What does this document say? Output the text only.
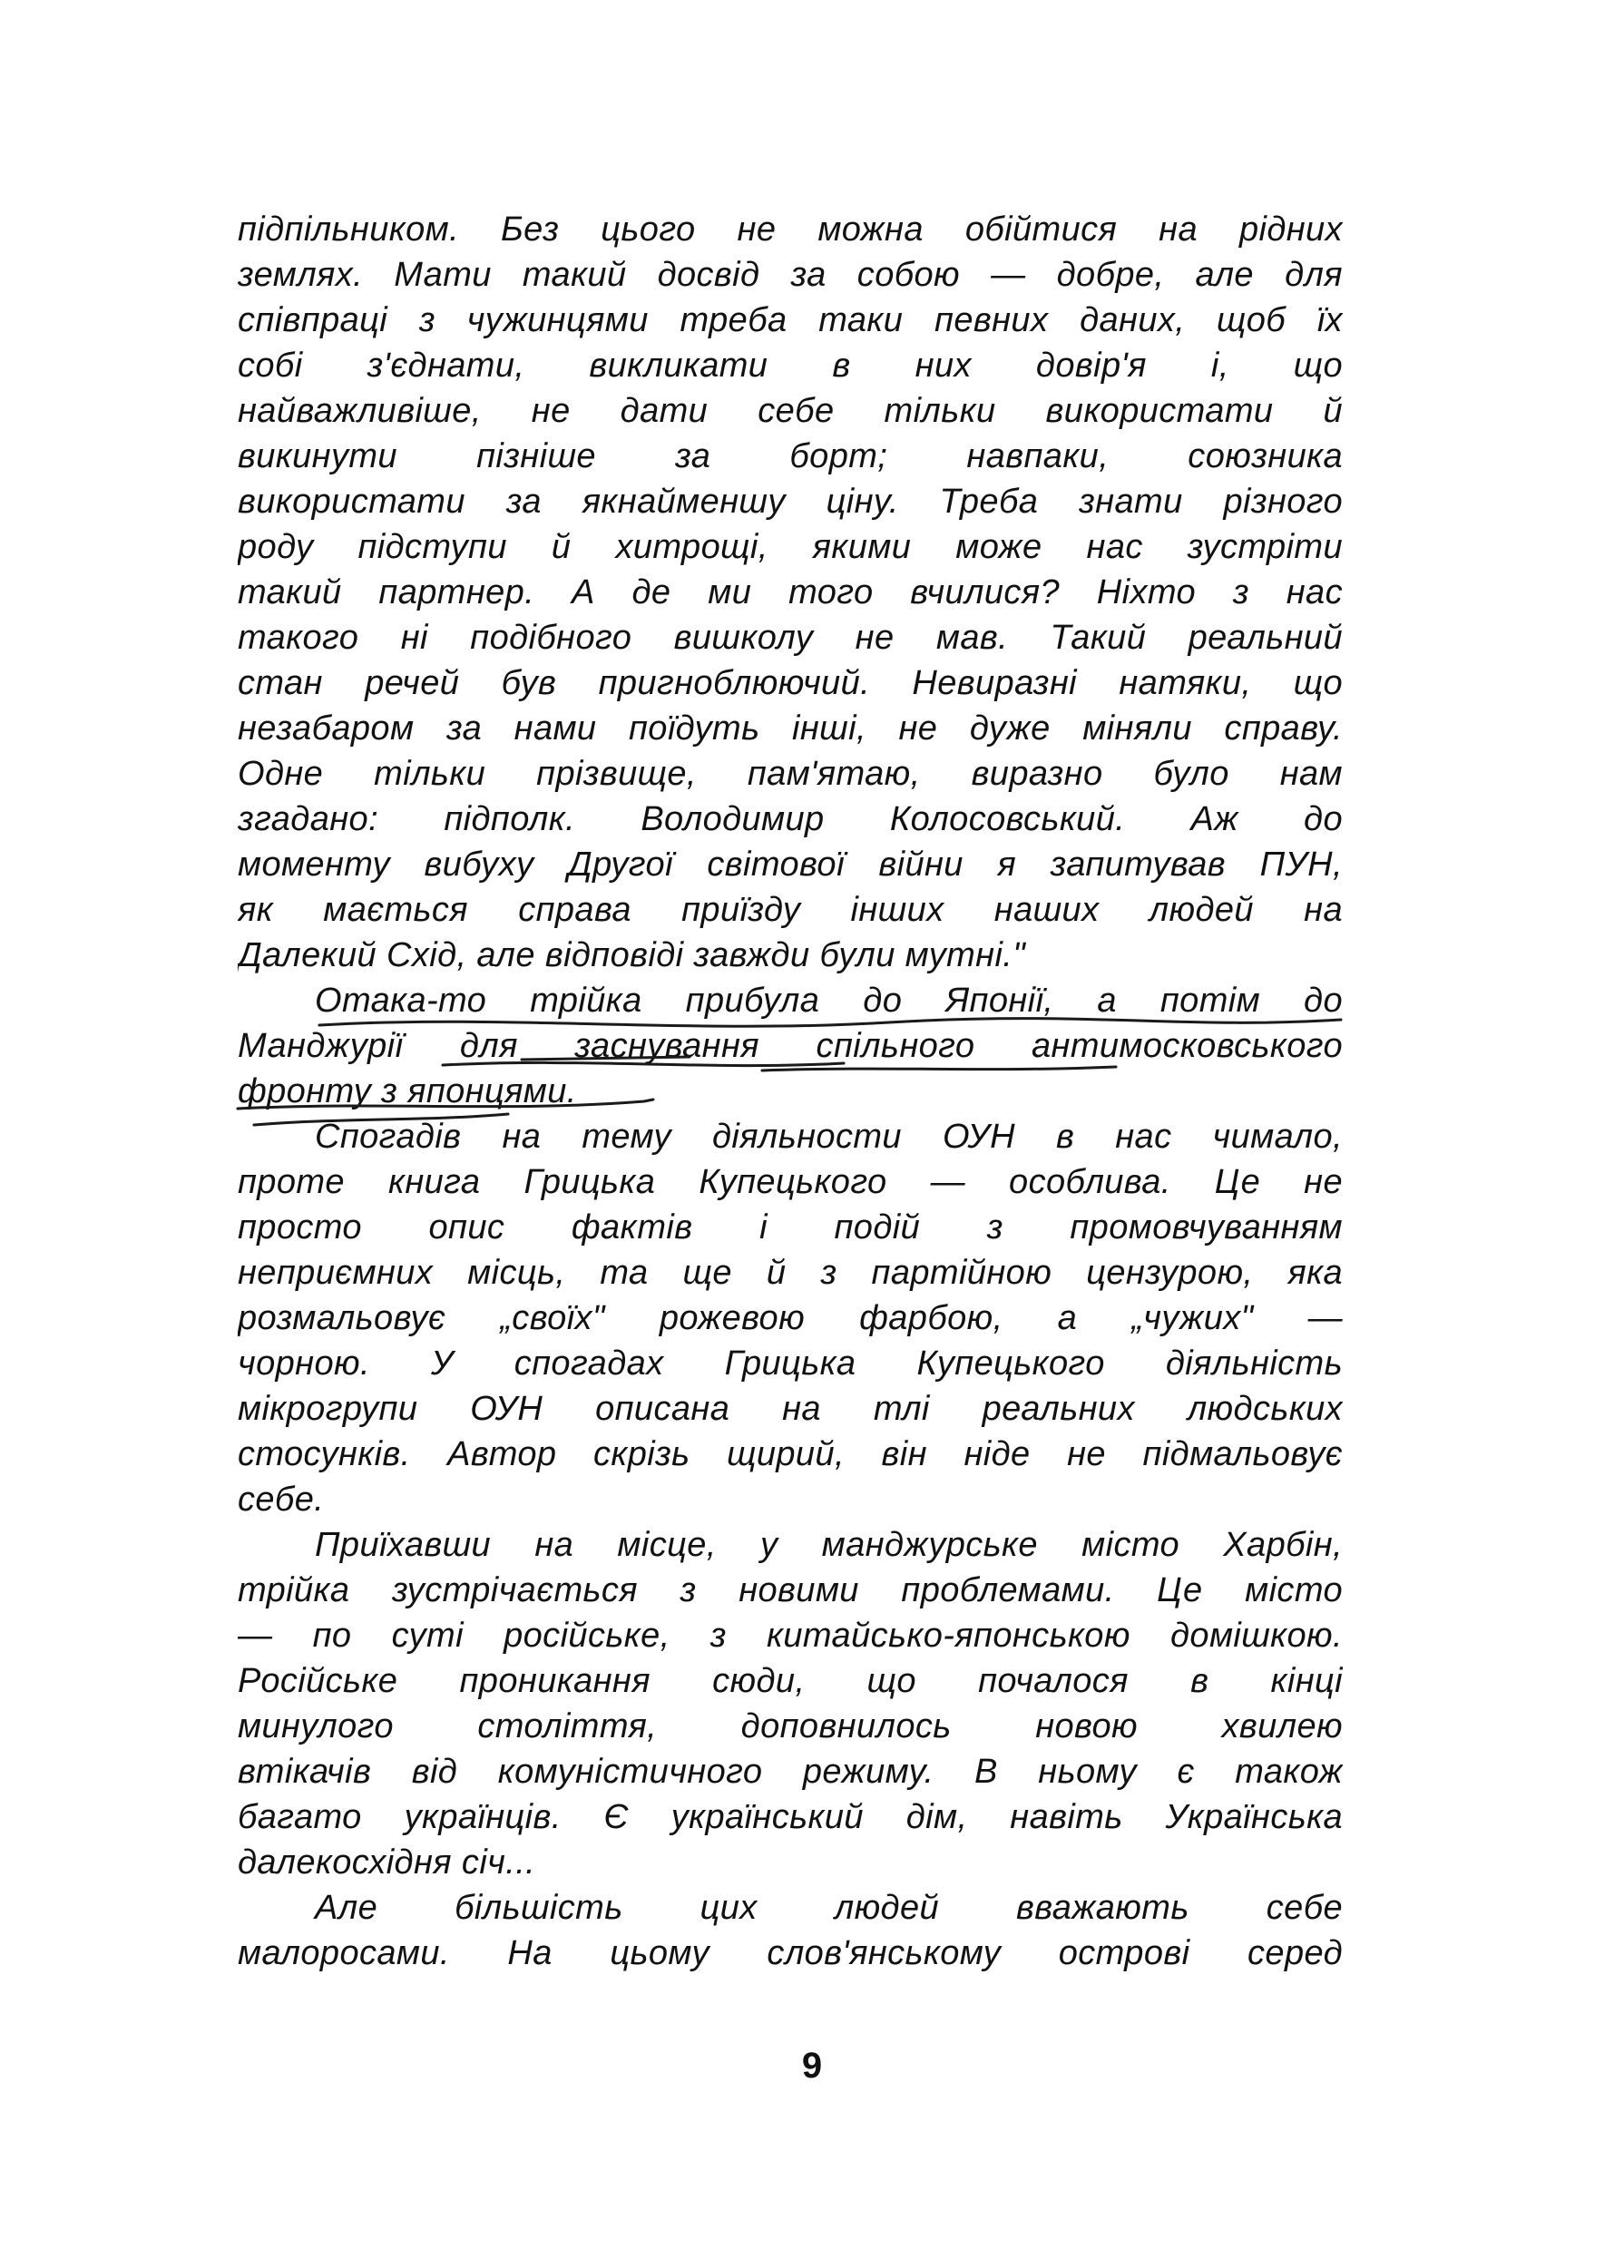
підпільником. Без цього не можна обійтися на рідних
землях. Мати такий досвід за собою — добре, але для
співпраці з чужинцями треба таки певних даних, щоб їх
собі з'єднати, викликати в них довір'я і, що
найважливіше, не дати себе тільки використати й
викинути пізніше за борт; навпаки, союзника
використати за якнайменшу ціну. Треба знати різного
роду підступи й хитрощі, якими може нас зустріти
такий партнер. А де ми того вчилися? Ніхто з нас
такого ні подібного вишколу не мав. Такий реальний
стан речей був пригноблюючий. Невиразні натяки, що
незабаром за нами поїдуть інші, не дуже міняли справу.
Одне тільки прізвище, пам'ятаю, виразно було нам
згадано: підполк. Володимир Колосовський. Аж до
моменту вибуху Другої світової війни я запитував ПУН,
як мається справа приїзду інших наших людей на
Далекий Схід, але відповіді завжди були мутні."
Отака-то трійка прибула до Японії, а потім до
Манджурії для заснування спільного антимосковського
фронту з японцями.
Спогадів на тему діяльности ОУН в нас чимало,
проте книга Грицька Купецького — особлива. Це не
просто опис фактів і подій з промовчуванням
неприємних місць, та ще й з партійною цензурою, яка
розмальовує „своїх" рожевою фарбою, а „чужих" —
чорною. У спогадах Грицька Купецького діяльність
мікрогрупи ОУН описана на тлі реальних людських
стосунків. Автор скрізь щирий, він ніде не підмальовує
себе.
Приїхавши на місце, у манджурське місто Харбін,
трійка зустрічається з новими проблемами. Це місто
— по суті російське, з китайсько-японською домішкою.
Російське проникання сюди, що почалося в кінці
минулого століття, доповнилось новою хвилею
втікачів від комуністичного режиму. В ньому є також
багато українців. Є український дім, навіть Українська
далекосхідня січ...
Але більшість цих людей вважають себе
малоросами. На цьому слов'янському острові серед
9
